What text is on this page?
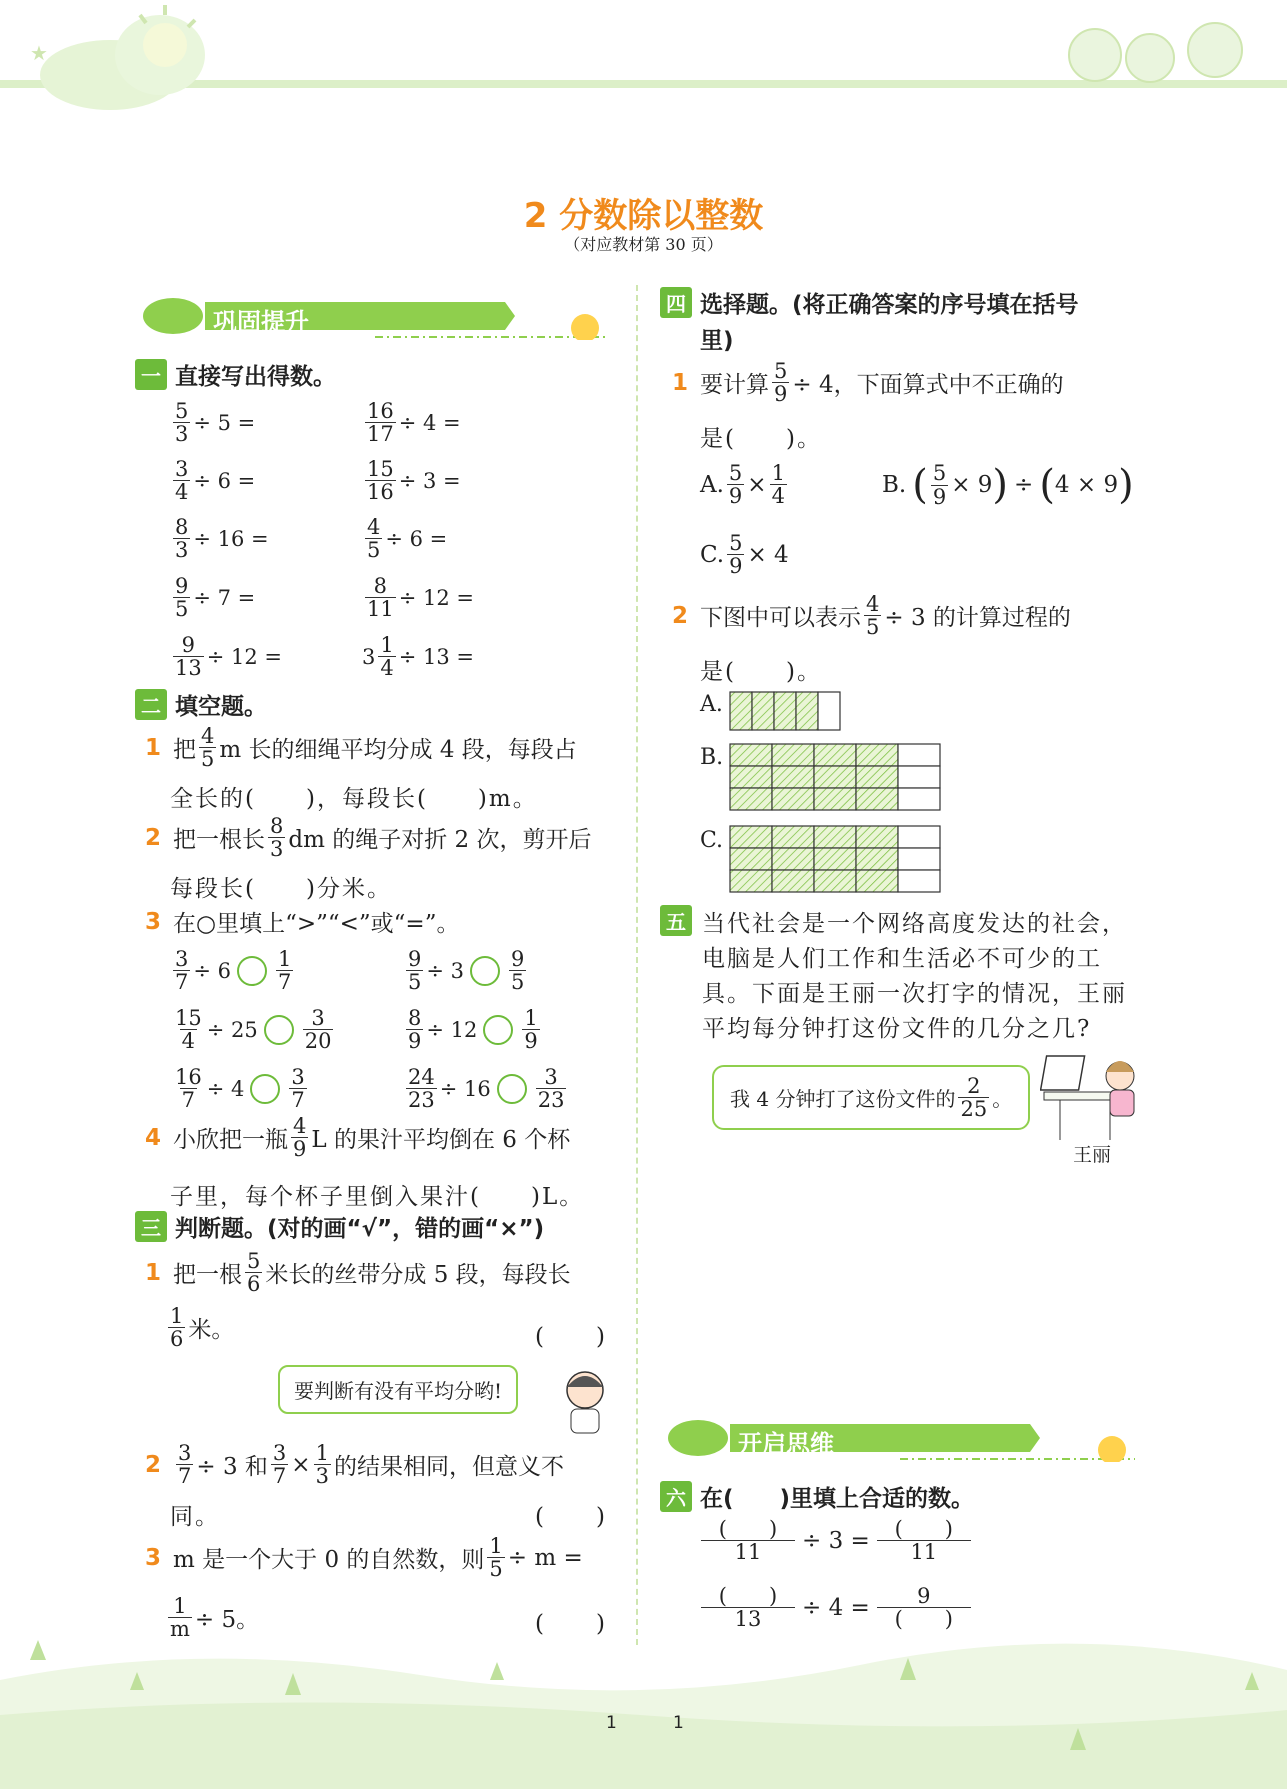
★
2 分数除以整数
（对应教材第 30 页）
巩固提升
一 直接写出得数。
$\frac{5}{3} \div 5$ =	$\frac{16}{17} \div 4$ =
$\frac{3}{4} \div 6$ =	$\frac{15}{16} \div 3$ =
$\frac{8}{3} \div 16$ =	$\frac{4}{5} \div 6$ =
$\frac{9}{5} \div 7$ =	$\frac{8}{11} \div 12$ =
$\frac{9}{13} \div 12$ =	$3 \frac{1}{4} \div 13$ =
二 填空题。
1 把 $\frac{4}{5}$ m 长的细绳平均分成 4 段，每段占
全长的(　　)，每段长(　　)m。
2 把一根长 $\frac{8}{3}$ dm 的绳子对折 2 次，剪开后
每段长(　　)分米。
3 在○里填上“>”“<”或“=”。
$\frac{3}{7} \div 6 \frac{1}{7}$	$\frac{9}{5} \div 3 \frac{9}{5}$
$\frac{15}{4} \div 25 \frac{3}{20}$	$\frac{8}{9} \div 12 \frac{1}{9}$
$\frac{16}{7} \div 4 \frac{3}{7}$	$\frac{24}{23} \div 16 \frac{3}{23}$
4 小欣把一瓶 $\frac{4}{9}$ L 的果汁平均倒在 6 个杯
子里，每个杯子里倒入果汁(　　)L。
三 判断题。(对的画“√”，错的画“×”)
1 把一根 $\frac{5}{6}$ 米长的丝带分成 5 段，每段长
$\frac{1}{6}$ 米。	(　　)
要判断有没有平均分哟!
$2 \frac{3}{7} \div 3$ 和 $\frac{3}{7} \times \frac{1}{3}$ 的结果相同，但意义不
同。	(　　)
3 m 是一个大于 0 的自然数，则 $\frac{1}{5} \div m$ =
$\frac{1}{m} \div 5$。	(　　)
四 选择题。(将正确答案的序号填在括号
里)
1 要计算 $\frac{5}{9} \div 4$，下面算式中不正确的
是(　　)。
A. $\frac{5}{9} \times \frac{1}{4}$	B. ( $\frac{5}{9} \times 9$ ) ÷ ( 4 × 9 )
C. $\frac{5}{9} \times 4$
2 下图中可以表示 $\frac{4}{5} \div 3$ 的计算过程的
是(　　)。
A.
B.
C.
五 当代社会是一个网络高度发达的社会，
电脑是人们工作和生活必不可少的工
具。下面是王丽一次打字的情况，王丽
平均每分钟打这份文件的几分之几?
我 4 分钟打了这份文件的 $\frac{2}{25}$ 。
王丽
开启思维
六 在(　　)里填上合适的数。
$\frac{( )}{11} \div 3 = \frac{( )}{11}$
$\frac{( )}{13} \div 4 = \frac{9}{( )}$
1	1
